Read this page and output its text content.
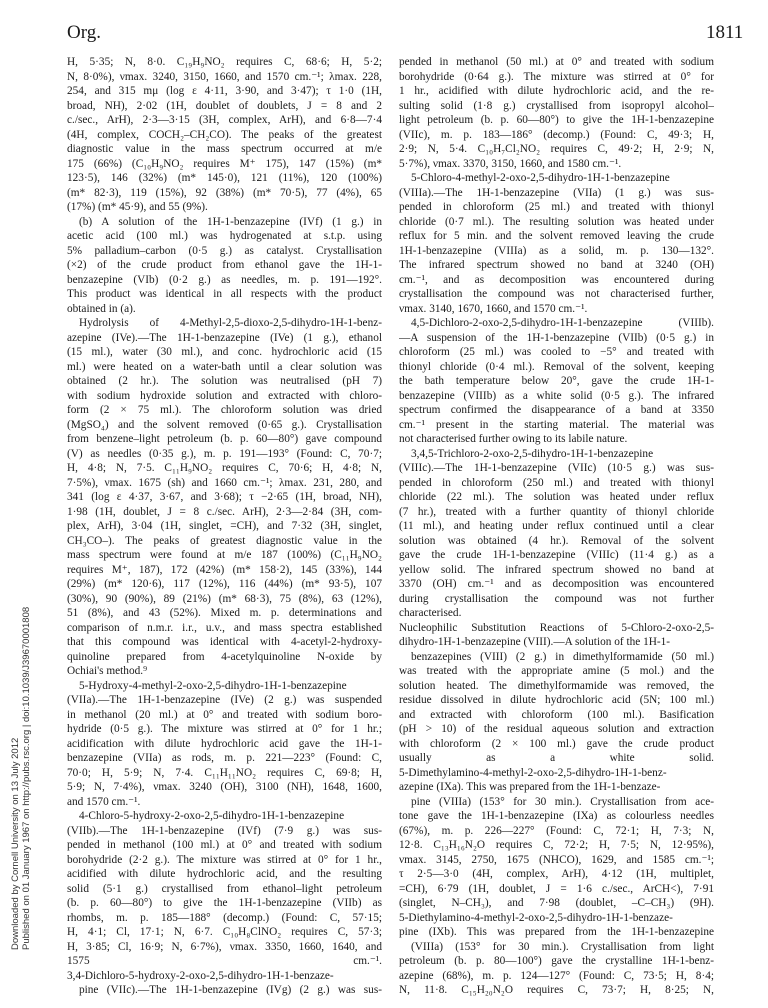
Org.	1811
Downloaded by Cornell University on 13 July 2012 Published on 01 January 1967 on http://pubs.rsc.org | doi:10.1039/J39670001808
H, 5·35; N, 8·0. C₁₉H₉NO₂ requires C, 68·6; H, 5·2;
N, 8·0%), νmax. 3240, 3150, 1660, and 1570 cm.⁻¹; λmax. 228,
254, and 315 mμ (log ε 4·11, 3·90, and 3·47); τ 1·0 (1H,
broad, NH), 2·02 (1H, doublet of doublets, J = 8 and 2
c./sec., ArH), 2·3—3·15 (3H, complex, ArH), and 6·8—7·4
(4H, complex, COCH₂–CH₂CO). The peaks of the greatest
diagnostic value in the mass spectrum occurred at m/e
175 (66%) (C₁₀H₉NO₂ requires M⁺ 175), 147 (15%) (m*
123·5), 146 (32%) (m* 145·0), 121 (11%), 120 (100%)
(m* 82·3), 119 (15%), 92 (38%) (m* 70·5), 77 (4%), 65
(17%) (m* 45·9), and 55 (9%).
(b) A solution of the 1H-1-benzazepine (IVf) (1 g.) in
acetic acid (100 ml.) was hydrogenated at s.t.p. using
5% palladium–carbon (0·5 g.) as catalyst. Crystallisation
(×2) of the crude product from ethanol gave the 1H-1-
benzazepine (VIb) (0·2 g.) as needles, m. p. 191—192°.
This product was identical in all respects with the product
obtained in (a).
Hydrolysis of 4-Methyl-2,5-dioxo-2,5-dihydro-1H-1-benz-
azepine (IVe).—The 1H-1-benzazepine (IVe) (1 g.), ethanol
(15 ml.), water (30 ml.), and conc. hydrochloric acid (15
ml.) were heated on a water-bath until a clear solution was
obtained (2 hr.). The solution was neutralised (pH 7)
with sodium hydroxide solution and extracted with chloro-
form (2 × 75 ml.). The chloroform solution was dried
(MgSO₄) and the solvent removed (0·65 g.). Crystallisation
from benzene–light petroleum (b. p. 60—80°) gave compound
(V) as needles (0·35 g.), m. p. 191—193° (Found: C, 70·7;
H, 4·8; N, 7·5. C₁₁H₉NO₂ requires C, 70·6; H, 4·8; N,
7·5%), νmax. 1675 (sh) and 1660 cm.⁻¹; λmax. 231, 280, and
341 (log ε 4·37, 3·67, and 3·68); τ −2·65 (1H, broad, NH),
1·98 (1H, doublet, J = 8 c./sec. ArH), 2·3—2·84 (3H, com-
plex, ArH), 3·04 (1H, singlet, =CH), and 7·32 (3H, singlet,
CH₃CO–). The peaks of greatest diagnostic value in the
mass spectrum were found at m/e 187 (100%) (C₁₁H₉NO₂
requires M⁺, 187), 172 (42%) (m* 158·2), 145 (33%), 144
(29%) (m* 120·6), 117 (12%), 116 (44%) (m* 93·5), 107
(30%), 90 (90%), 89 (21%) (m* 68·3), 75 (8%), 63 (12%),
51 (8%), and 43 (52%). Mixed m. p. determinations and
comparison of n.m.r. i.r., u.v., and mass spectra established
that this compound was identical with 4-acetyl-2-hydroxy-
quinoline prepared from 4-acetylquinoline N-oxide by
Ochiai's method.⁹
5-Hydroxy-4-methyl-2-oxo-2,5-dihydro-1H-1-benzazepine
(VIIa).—The 1H-1-benzazepine (IVe) (2 g.) was suspended
in methanol (20 ml.) at 0° and treated with sodium boro-
hydride (0·5 g.). The mixture was stirred at 0° for 1 hr.;
acidification with dilute hydrochloric acid gave the 1H-1-
benzazepine (VIIa) as rods, m. p. 221—223° (Found: C,
70·0; H, 5·9; N, 7·4. C₁₁H₁₁NO₂ requires C, 69·8; H,
5·9; N, 7·4%), νmax. 3240 (OH), 3100 (NH), 1648, 1600,
and 1570 cm.⁻¹.
4-Chloro-5-hydroxy-2-oxo-2,5-dihydro-1H-1-benzazepine
(VIIb).—The 1H-1-benzazepine (IVf) (7·9 g.) was sus-
pended in methanol (100 ml.) at 0° and treated with sodium
borohydride (2·2 g.). The mixture was stirred at 0° for 1 hr.,
acidified with dilute hydrochloric acid, and the resulting
solid (5·1 g.) crystallised from ethanol–light petroleum
(b. p. 60—80°) to give the 1H-1-benzazepine (VIIb) as
rhombs, m. p. 185—188° (decomp.) (Found: C, 57·15;
H, 4·1; Cl, 17·1; N, 6·7. C₁₀H₈ClNO₂ requires C, 57·3;
H, 3·85; Cl, 16·9; N, 6·7%), νmax. 3350, 1660, 1640, and
1575 cm.⁻¹.
3,4-Dichloro-5-hydroxy-2-oxo-2,5-dihydro-1H-1-benzaze-
pine (VIIc).—The 1H-1-benzazepine (IVg) (2 g.) was sus-
pended in methanol (50 ml.) at 0° and treated with sodium
borohydride (0·64 g.). The mixture was stirred at 0° for
1 hr., acidified with dilute hydrochloric acid, and the re-
sulting solid (1·8 g.) crystallised from isopropyl alcohol–
light petroleum (b. p. 60—80°) to give the 1H-1-benzazepine
(VIIc), m. p. 183—186° (decomp.) (Found: C, 49·3; H,
2·9; N, 5·4. C₁₀H₇Cl₂NO₂ requires C, 49·2; H, 2·9; N,
5·7%), νmax. 3370, 3150, 1660, and 1580 cm.⁻¹.
5-Chloro-4-methyl-2-oxo-2,5-dihydro-1H-1-benzazepine
(VIIIa).—The 1H-1-benzazepine (VIIa) (1 g.) was sus-
pended in chloroform (25 ml.) and treated with thionyl
chloride (0·7 ml.). The resulting solution was heated under
reflux for 5 min. and the solvent removed leaving the crude
1H-1-benzazepine (VIIIa) as a solid, m. p. 130—132°.
The infrared spectrum showed no band at 3240 (OH)
cm.⁻¹, and as decomposition was encountered during
crystallisation the compound was not characterised further,
νmax. 3140, 1670, 1660, and 1570 cm.⁻¹.
4,5-Dichloro-2-oxo-2,5-dihydro-1H-1-benzazepine (VIIIb).
—A suspension of the 1H-1-benzazepine (VIIb) (0·5 g.) in
chloroform (25 ml.) was cooled to −5° and treated with
thionyl chloride (0·4 ml.). Removal of the solvent, keeping
the bath temperature below 20°, gave the crude 1H-1-
benzazepine (VIIIb) as a white solid (0·5 g.). The infrared
spectrum confirmed the disappearance of a band at 3350
cm.⁻¹ present in the starting material. The material was
not characterised further owing to its labile nature.
3,4,5-Trichloro-2-oxo-2,5-dihydro-1H-1-benzazepine
(VIIIc).—The 1H-1-benzazepine (VIIc) (10·5 g.) was sus-
pended in chloroform (250 ml.) and treated with thionyl
chloride (22 ml.). The solution was heated under reflux
(7 hr.), treated with a further quantity of thionyl chloride
(11 ml.), and heating under reflux continued until a clear
solution was obtained (4 hr.). Removal of the solvent
gave the crude 1H-1-benzazepine (VIIIc) (11·4 g.) as a
yellow solid. The infrared spectrum showed no band at
3370 (OH) cm.⁻¹ and as decomposition was encountered
during crystallisation the compound was not further
characterised.
Nucleophilic Substitution Reactions of 5-Chloro-2-oxo-2,5-
dihydro-1H-1-benzazepine (VIII).—A solution of the 1H-1-
benzazepines (VIII) (2 g.) in dimethylformamide (50 ml.)
was treated with the appropriate amine (5 mol.) and the
solution heated. The dimethylformamide was removed, the
residue dissolved in dilute hydrochloric acid (5N; 100 ml.)
and extracted with chloroform (100 ml.). Basification
(pH > 10) of the residual aqueous solution and extraction
with chloroform (2 × 100 ml.) gave the crude product
usually as a white solid.
5-Dimethylamino-4-methyl-2-oxo-2,5-dihydro-1H-1-benz-
azepine (IXa). This was prepared from the 1H-1-benzaze-
pine (VIIIa) (153° for 30 min.). Crystallisation from ace-
tone gave the 1H-1-benzazepine (IXa) as colourless needles
(67%), m. p. 226—227° (Found: C, 72·1; H, 7·3; N,
12·8. C₁₃H₁₆N₂O requires C, 72·2; H, 7·5; N, 12·95%),
νmax. 3145, 2750, 1675 (NHCO), 1629, and 1585 cm.⁻¹;
τ 2·5—3·0 (4H, complex, ArH), 4·12 (1H, multiplet,
=CH), 6·79 (1H, doublet, J = 1·6 c./sec., ArCH<), 7·91
(singlet, N–CH₃), and 7·98 (doublet, –C–CH₃) (9H).
5-Diethylamino-4-methyl-2-oxo-2,5-dihydro-1H-1-benzaze-
pine (IXb). This was prepared from the 1H-1-benzazepine
(VIIIa) (153° for 30 min.). Crystallisation from light
petroleum (b. p. 80—100°) gave the crystalline 1H-1-benz-
azepine (68%), m. p. 124—127° (Found: C, 73·5; H, 8·4;
N, 11·8. C₁₅H₂₀N₂O requires C, 73·7; H, 8·25; N,
